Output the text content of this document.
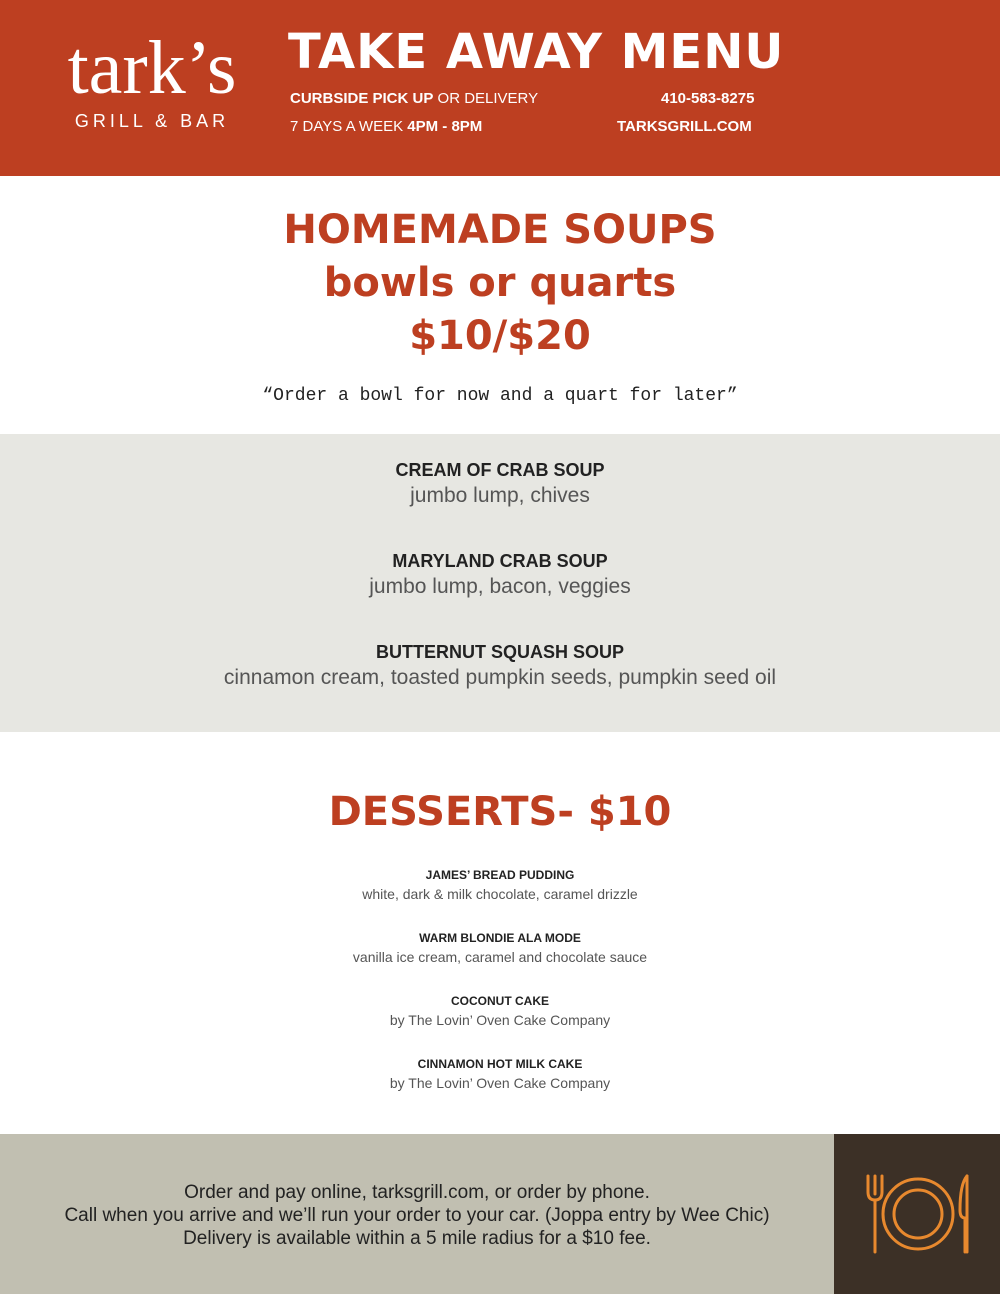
tark’s
GRILL & BAR
TAKE AWAY MENU
CURBSIDE PICK UP OR DELIVERY
7 DAYS A WEEK 4PM - 8PM
410-583-8275
TARKSGRILL.COM
HOMEMADE SOUPS
bowls or quarts
$10/$20
“Order a bowl for now and a quart for later”
CREAM OF CRAB SOUP
jumbo lump, chives
MARYLAND CRAB SOUP
jumbo lump, bacon, veggies
BUTTERNUT SQUASH SOUP
cinnamon cream, toasted pumpkin seeds, pumpkin seed oil
DESSERTS- $10
JAMES’ BREAD PUDDING
white, dark & milk chocolate, caramel drizzle
WARM BLONDIE ALA MODE
vanilla ice cream, caramel and chocolate sauce
COCONUT CAKE
by The Lovin’ Oven Cake Company
CINNAMON HOT MILK CAKE
by The Lovin’ Oven Cake Company
Order and pay online, tarksgrill.com, or order by phone.
Call when you arrive and we’ll run your order to your car. (Joppa entry by Wee Chic)
Delivery is available within a 5 mile radius for a $10 fee.
